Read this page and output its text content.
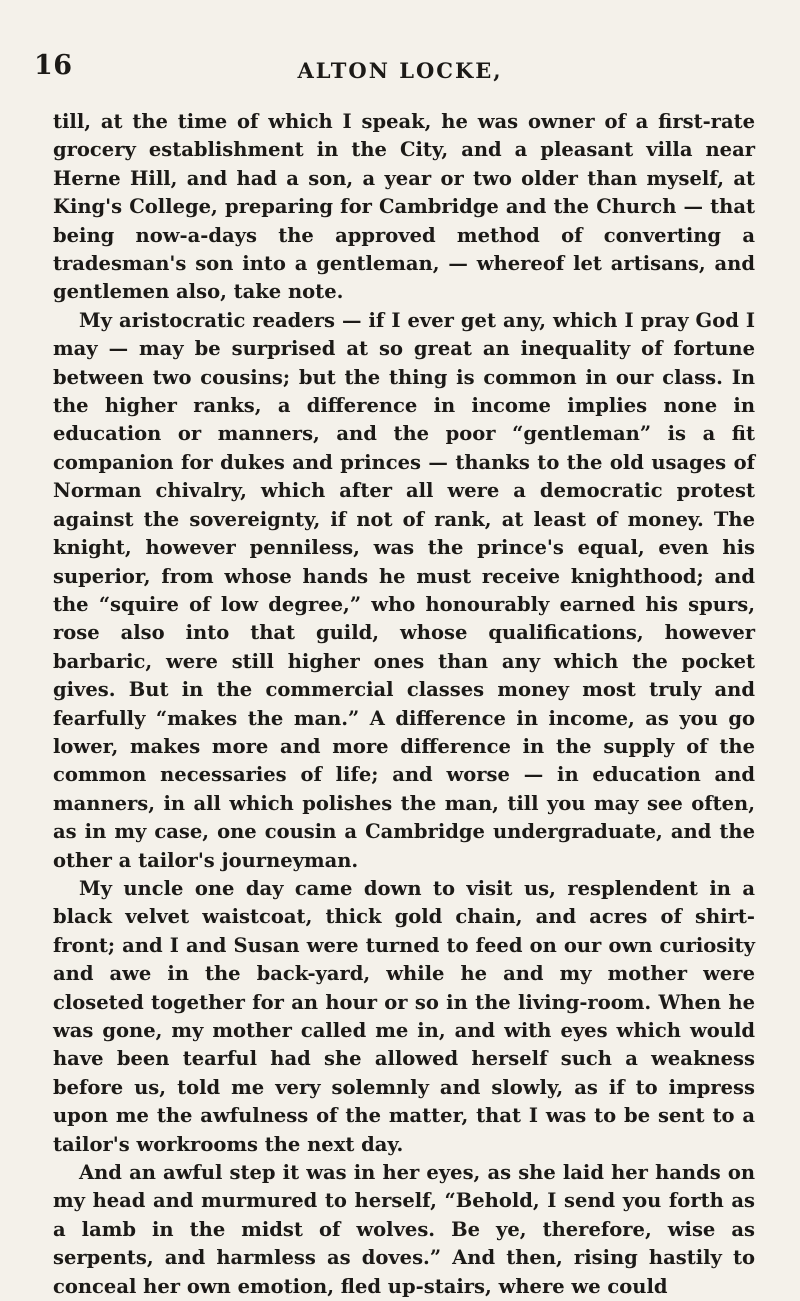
16	ALTON LOCKE,

till, at the time of which I speak, he was owner of a first-rate grocery establishment in the City, and a pleasant villa near Herne Hill, and had a son, a year or two older than myself, at King's College, preparing for Cambridge and the Church — that being now-a-days the approved method of converting a tradesman's son into a gentleman, — whereof let artisans, and gentlemen also, take note.

My aristocratic readers — if I ever get any, which I pray God I may — may be surprised at so great an inequality of fortune between two cousins; but the thing is common in our class. In the higher ranks, a difference in income implies none in education or manners, and the poor “gentleman” is a fit companion for dukes and princes — thanks to the old usages of Norman chivalry, which after all were a democratic protest against the sovereignty, if not of rank, at least of money. The knight, however penniless, was the prince's equal, even his superior, from whose hands he must receive knighthood; and the “squire of low degree,” who honourably earned his spurs, rose also into that guild, whose qualifications, however barbaric, were still higher ones than any which the pocket gives. But in the commercial classes money most truly and fearfully “makes the man.” A difference in income, as you go lower, makes more and more difference in the supply of the common necessaries of life; and worse — in education and manners, in all which polishes the man, till you may see often, as in my case, one cousin a Cambridge undergraduate, and the other a tailor's journeyman.

My uncle one day came down to visit us, resplendent in a black velvet waistcoat, thick gold chain, and acres of shirt-front; and I and Susan were turned to feed on our own curiosity and awe in the back-yard, while he and my mother were closeted together for an hour or so in the living-room. When he was gone, my mother called me in, and with eyes which would have been tearful had she allowed herself such a weakness before us, told me very solemnly and slowly, as if to impress upon me the awfulness of the matter, that I was to be sent to a tailor's workrooms the next day.

And an awful step it was in her eyes, as she laid her hands on my head and murmured to herself, “Behold, I send you forth as a lamb in the midst of wolves. Be ye, therefore, wise as serpents, and harmless as doves.” And then, rising hastily to conceal her own emotion, fled up-stairs, where we could
